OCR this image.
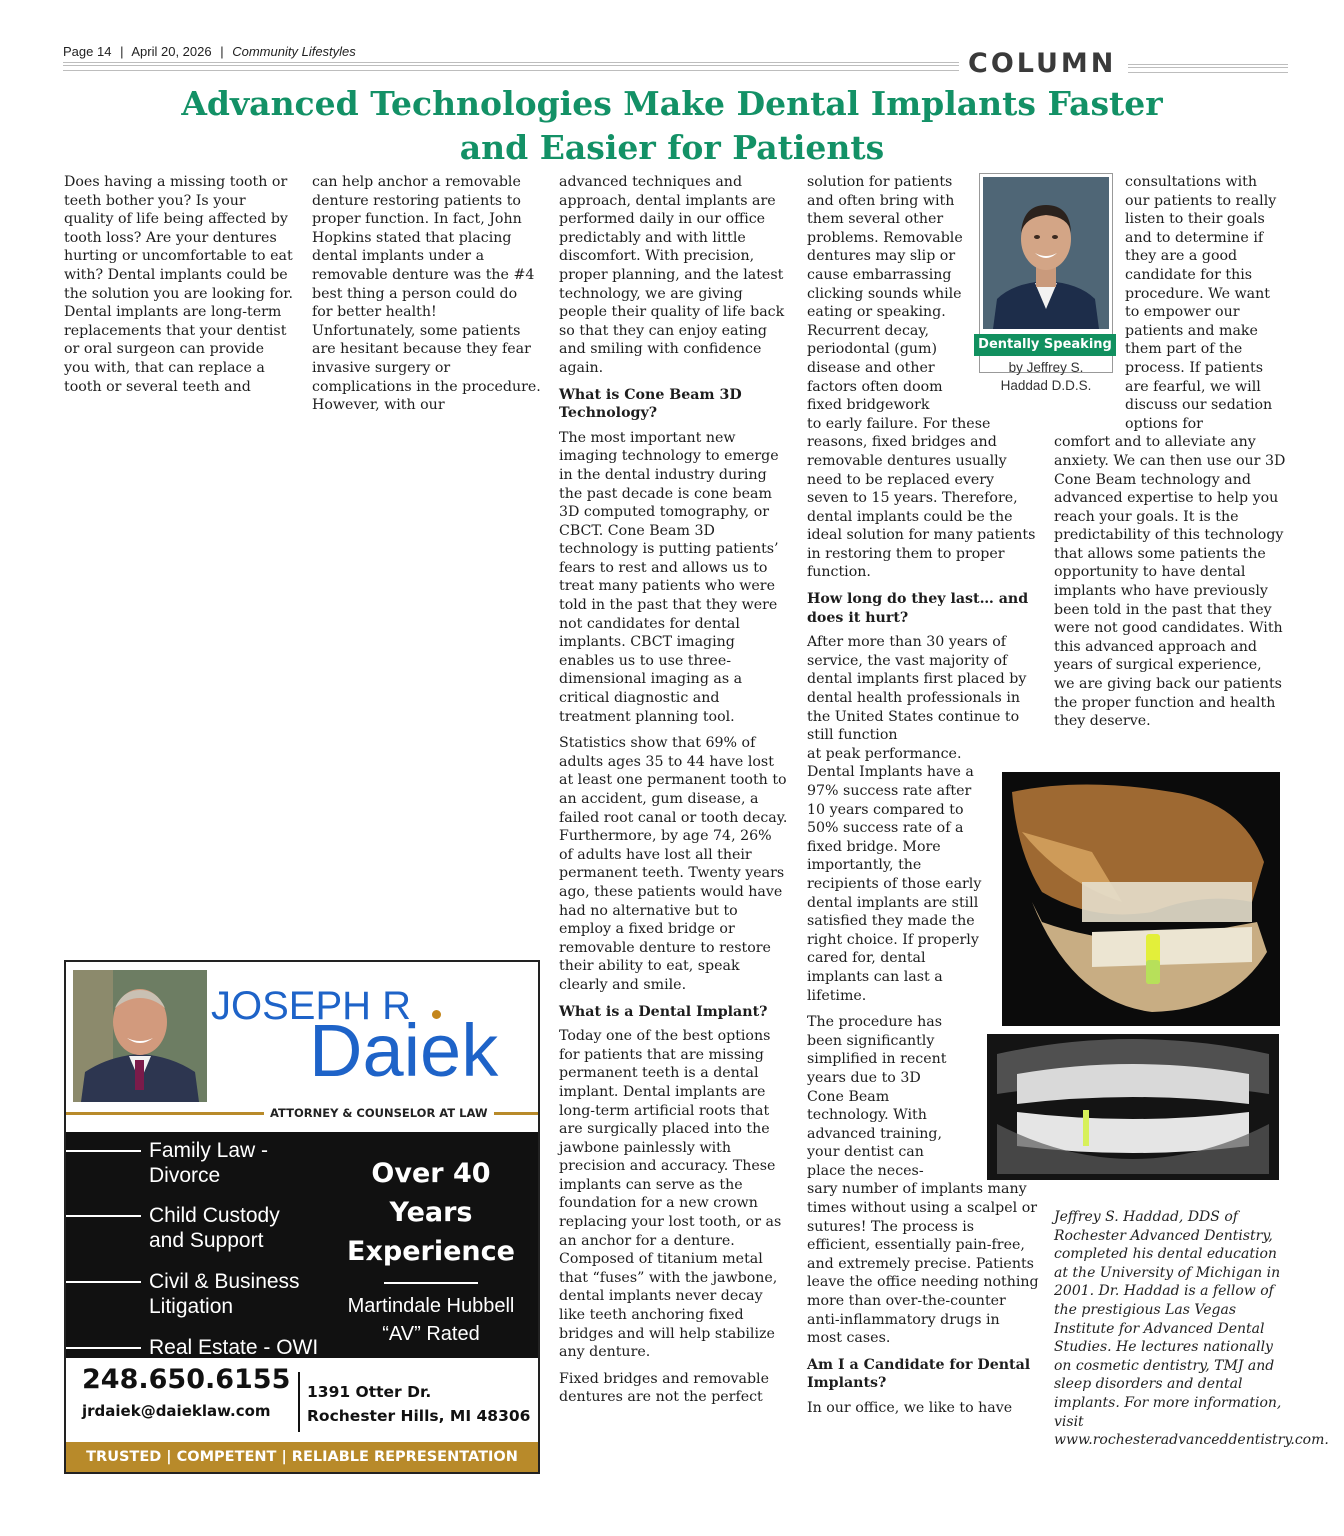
Page 14 | April 20, 2026 | Community Lifestyles	COLUMN
Advanced Technologies Make Dental Implants Faster
and Easier for Patients

Does having a missing tooth or teeth bother you? Is your quality of life being affected by tooth loss? Are your dentures hurting or uncomfortable to eat with? Dental implants could be the solution you are looking for. Dental implants are long-term replacements that your dentist or oral surgeon can provide you with, that can replace a tooth or several teeth and

can help anchor a removable denture restoring patients to proper function. In fact, John Hopkins stated that placing dental implants under a removable denture was the #4 best thing a person could do for better health! Unfortunately, some patients are hesitant because they fear invasive surgery or complications in the procedure. However, with our

advanced techniques and approach, dental implants are performed daily in our office predictably and with little discomfort. With precision, proper planning, and the latest technology, we are giving people their quality of life back so that they can enjoy eating and smiling with confidence again.

What is Cone Beam 3D Technology?

The most important new imaging technology to emerge in the dental industry during the past decade is cone beam 3D computed tomography, or CBCT. Cone Beam 3D technology is putting patients’ fears to rest and allows us to treat many patients who were told in the past that they were not candidates for dental implants. CBCT imaging enables us to use three-dimensional imaging as a critical diagnostic and treatment planning tool.

Statistics show that 69% of adults ages 35 to 44 have lost at least one permanent tooth to an accident, gum disease, a failed root canal or tooth decay. Furthermore, by age 74, 26% of adults have lost all their permanent teeth. Twenty years ago, these patients would have had no alternative but to employ a fixed bridge or removable denture to restore their ability to eat, speak clearly and smile.

What is a Dental Implant?

Today one of the best options for patients that are missing permanent teeth is a dental implant. Dental implants are long-term artificial roots that are surgically placed into the jawbone painlessly with precision and accuracy. These implants can serve as the foundation for a new crown replacing your lost tooth, or as an anchor for a denture. Composed of titanium metal that “fuses” with the jawbone, dental implants never decay like teeth anchoring fixed bridges and will help stabilize any denture.

Fixed bridges and removable dentures are not the perfect

solution for patients and often bring with them several other problems. Removable dentures may slip or cause embarrassing clicking sounds while eating or speaking. Recurrent decay, periodontal (gum) disease and other factors often doom fixed bridgework

to early failure. For these reasons, fixed bridges and removable dentures usually need to be replaced every seven to 15 years. Therefore, dental implants could be the ideal solution for many patients in restoring them to proper function.

How long do they last… and does it hurt?
After more than 30 years of service, the vast majority of dental implants first placed by dental health professionals in the United States continue to still function

at peak performance. Dental Implants have a 97% success rate after 10 years compared to 50% success rate of a fixed bridge. More importantly, the recipients of those early dental implants are still satisfied they made the right choice. If properly cared for, dental implants can last a lifetime.

The procedure has been significantly simplified in recent years due to 3D Cone Beam technology. With advanced training, your dentist can place the neces-

sary number of implants many times without using a scalpel or sutures! The process is efficient, essentially pain-free, and extremely precise. Patients leave the office needing nothing more than over-the-counter anti-inflammatory drugs in most cases.

Am I a Candidate for Dental Implants?

In our office, we like to have

consultations with our patients to really listen to their goals and to determine if they are a good candidate for this procedure. We want to empower our patients and make them part of the process. If patients are fearful, we will discuss our sedation options for

comfort and to alleviate any anxiety. We can then use our 3D Cone Beam technology and advanced expertise to help you reach your goals. It is the predictability of this technology that allows some patients the opportunity to have dental implants who have previously been told in the past that they were not good candidates. With this advanced approach and years of surgical experience, we are giving back our patients the proper function and health they deserve.

Dentally Speaking
by Jeffrey S.
Haddad D.D.S.
Jeffrey S. Haddad, DDS of Rochester Advanced Dentistry, completed his dental education at the University of Michigan in 2001. Dr. Haddad is a fellow of the prestigious Las Vegas Institute for Advanced Dental Studies. He lectures nationally on cosmetic dentistry, TMJ and sleep disorders and dental implants. For more information, visit www.rochesteradvanceddentistry.com.
JOSEPH R
Daiek
ATTORNEY & COUNSELOR AT LAW
Family Law -
Divorce
Child Custody
and Support
Civil & Business
Litigation
Real Estate - OWI
Over 40
Years
Experience
Martindale Hubbell
“AV” Rated
248.650.6155
jrdaiek@daieklaw.com
1391 Otter Dr.
Rochester Hills, MI 48306
TRUSTED | COMPETENT | RELIABLE REPRESENTATION
